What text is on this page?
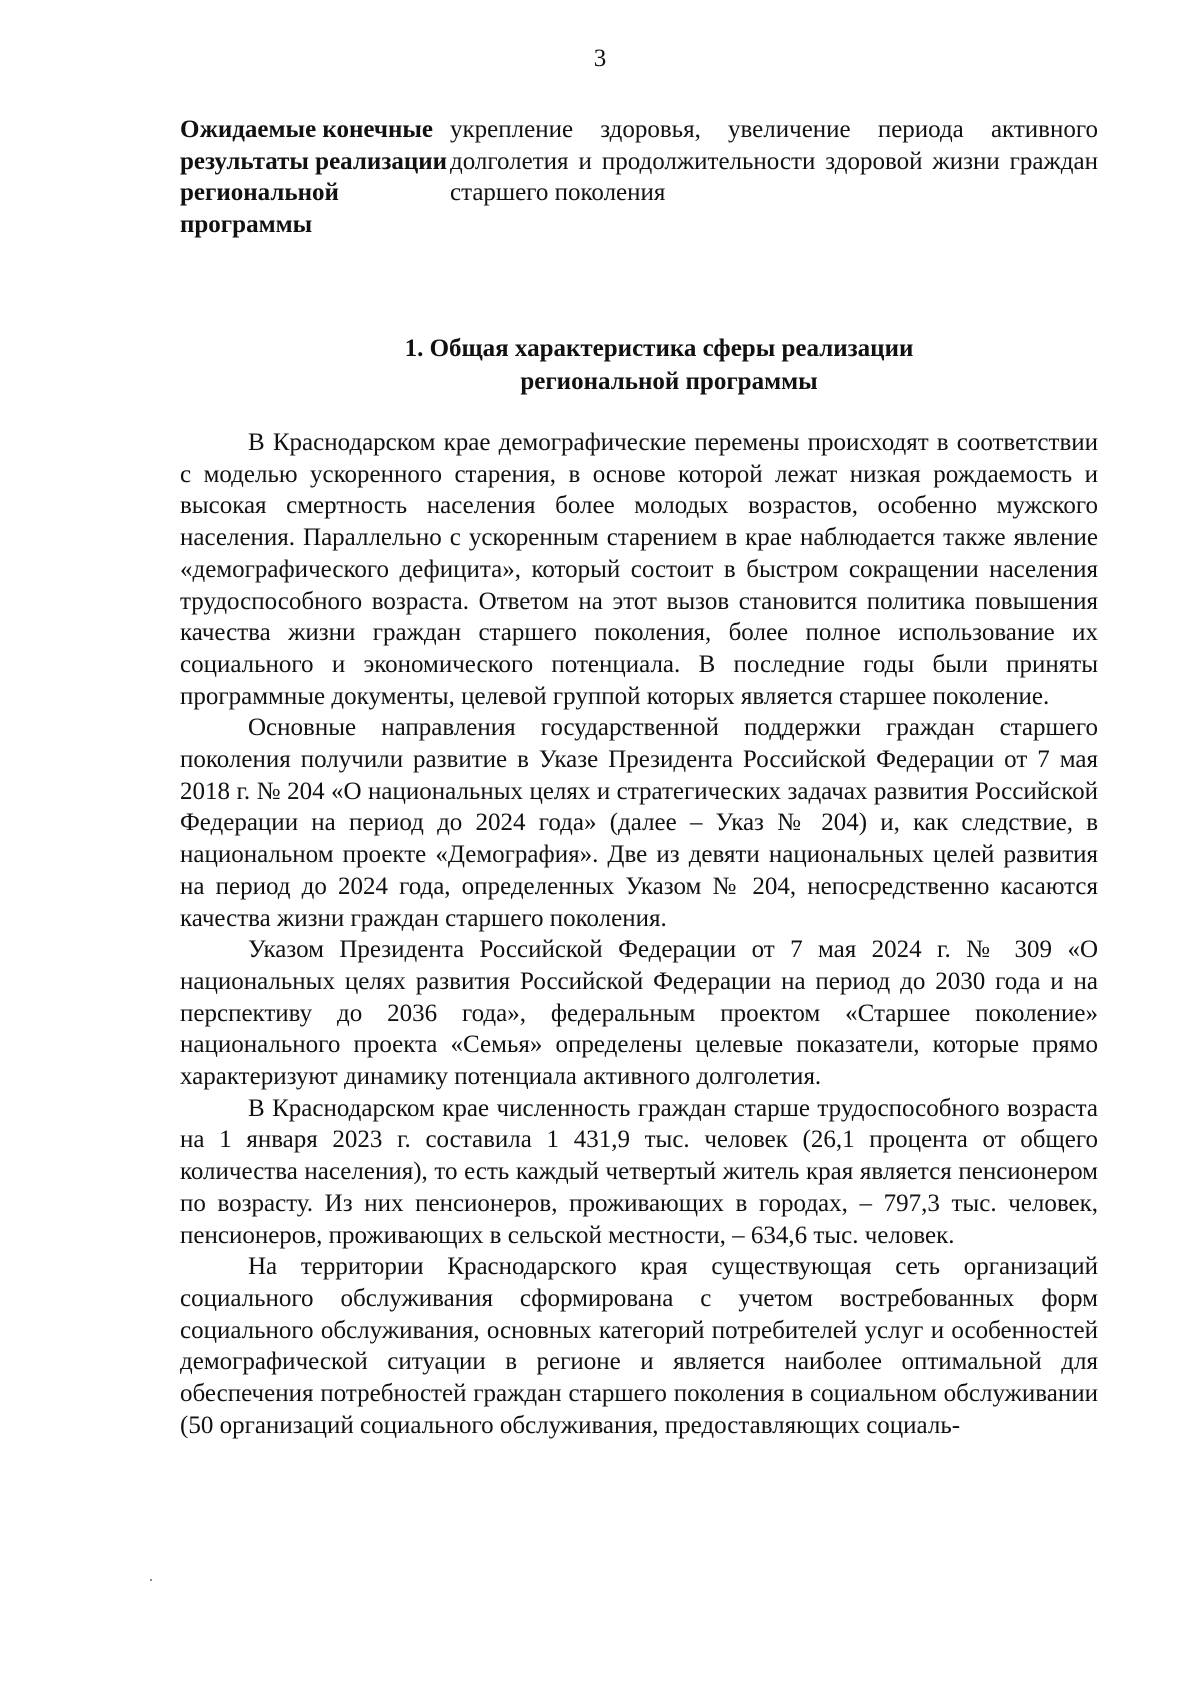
3
Ожидаемые конечные результаты реализации региональной программы
укрепление здоровья, увеличение периода активного долголетия и продолжительности здоровой жизни граждан старшего поколения
1. Общая характеристика сферы реализации
региональной программы

В Краснодарском крае демографические перемены происходят в соответствии с моделью ускоренного старения, в основе которой лежат низкая рождаемость и высокая смертность населения более молодых возрастов, особенно мужского населения. Параллельно с ускоренным старением в крае наблюдается также явление «демографического дефицита», который состоит в быстром сокращении населения трудоспособного возраста. Ответом на этот вызов становится политика повышения качества жизни граждан старшего поколения, более полное использование их социального и экономического потенциала. В последние годы были приняты программные документы, целевой группой которых является старшее поколение.

Основные направления государственной поддержки граждан старшего поколения получили развитие в Указе Президента Российской Федерации от 7 мая 2018 г. № 204 «О национальных целях и стратегических задачах развития Российской Федерации на период до 2024 года» (далее – Указ № 204) и, как следствие, в национальном проекте «Демография». Две из девяти национальных целей развития на период до 2024 года, определенных Указом № 204, непосредственно касаются качества жизни граждан старшего поколения.

Указом Президента Российской Федерации от 7 мая 2024 г. № 309 «О национальных целях развития Российской Федерации на период до 2030 года и на перспективу до 2036 года», федеральным проектом «Старшее поколение» национального проекта «Семья» определены целевые показатели, которые прямо характеризуют динамику потенциала активного долголетия.

В Краснодарском крае численность граждан старше трудоспособного возраста на 1 января 2023 г. составила 1 431,9 тыс. человек (26,1 процента от общего количества населения), то есть каждый четвертый житель края является пенсионером по возрасту. Из них пенсионеров, проживающих в городах, – 797,3 тыс. человек, пенсионеров, проживающих в сельской местности, – 634,6 тыс. человек.

На территории Краснодарского края существующая сеть организаций социального обслуживания сформирована с учетом востребованных форм социального обслуживания, основных категорий потребителей услуг и особенностей демографической ситуации в регионе и является наиболее оптимальной для обеспечения потребностей граждан старшего поколения в социальном обслуживании (50 организаций социального обслуживания, предоставляющих социаль-
